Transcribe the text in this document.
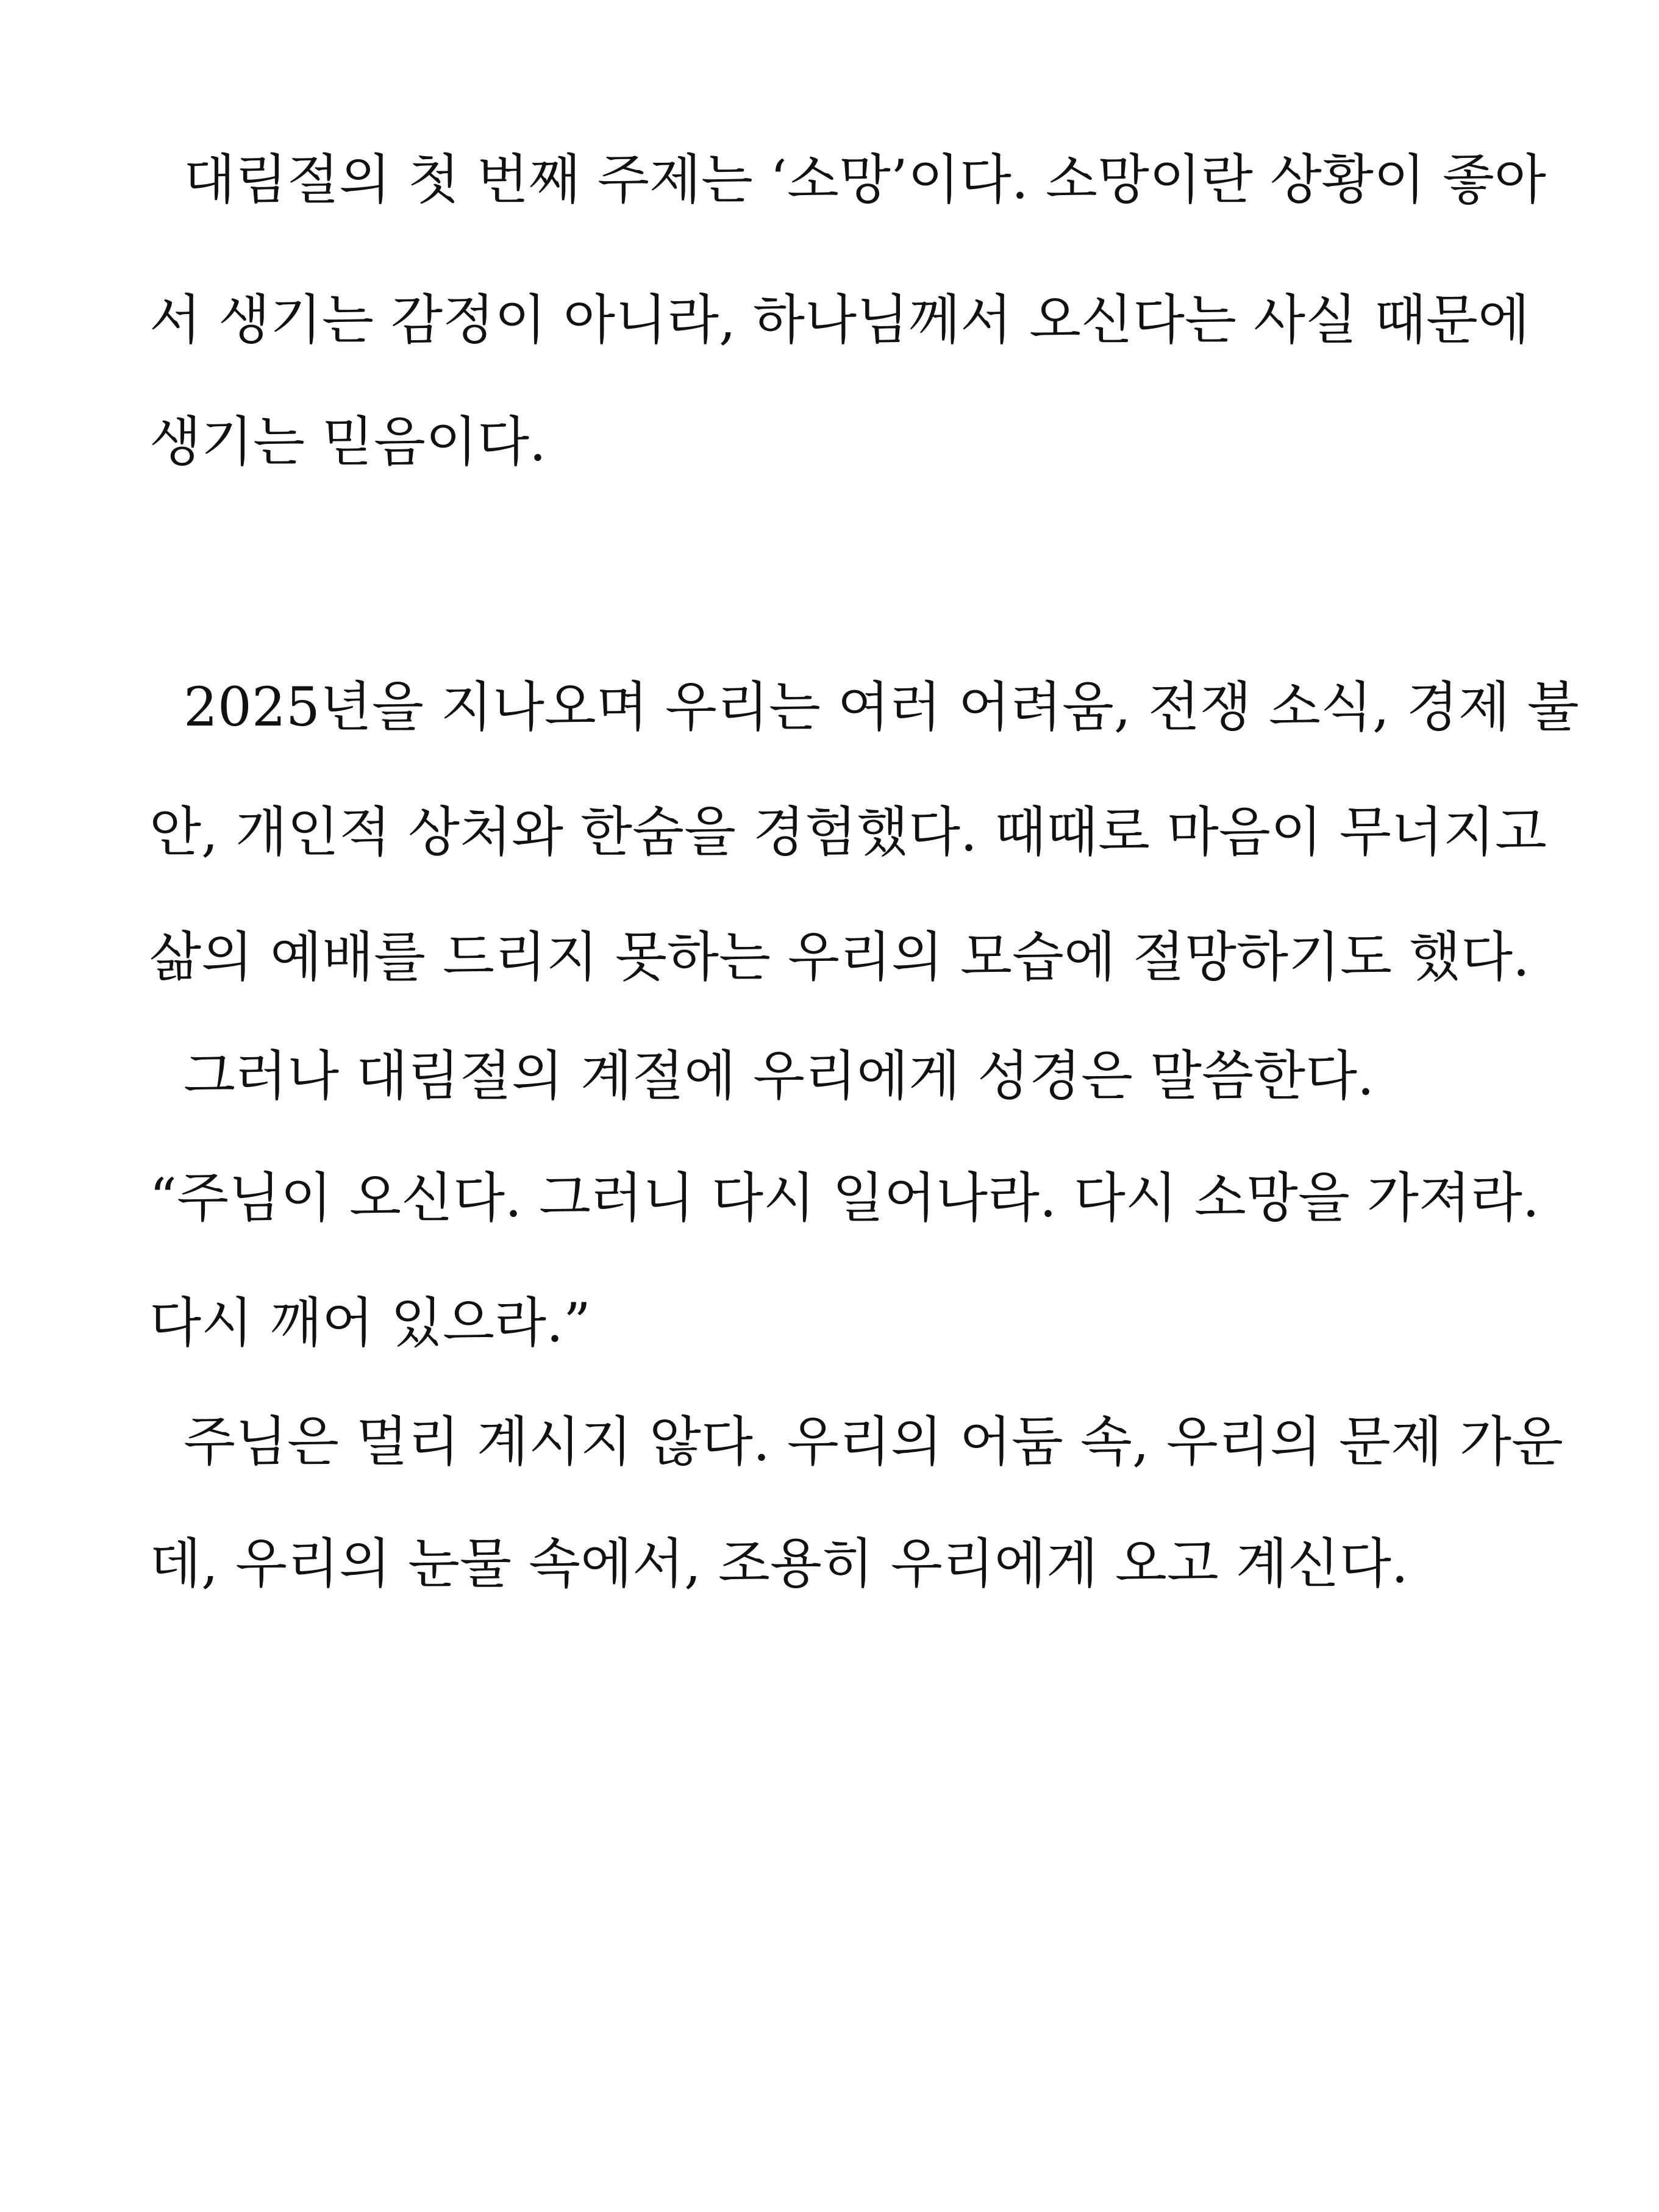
대림절의 첫 번째 주제는 ‘소망’이다. 소망이란 상황이 좋아

서 생기는 감정이 아니라, 하나님께서 오신다는 사실 때문에

생기는 믿음이다.

2025년을 지나오며 우리는 여러 어려움, 전쟁 소식, 경제 불

안, 개인적 상처와 한숨을 경험했다. 때때로 마음이 무너지고

삶의 예배를 드리지 못하는 우리의 모습에 절망하기도 했다.

그러나 대림절의 계절에 우리에게 성경은 말씀한다.

“주님이 오신다. 그러니 다시 일어나라. 다시 소망을 가져라.

다시 깨어 있으라.”

주님은 멀리 계시지 않다. 우리의 어둠 속, 우리의 문제 가운

데, 우리의 눈물 속에서, 조용히 우리에게 오고 계신다.
